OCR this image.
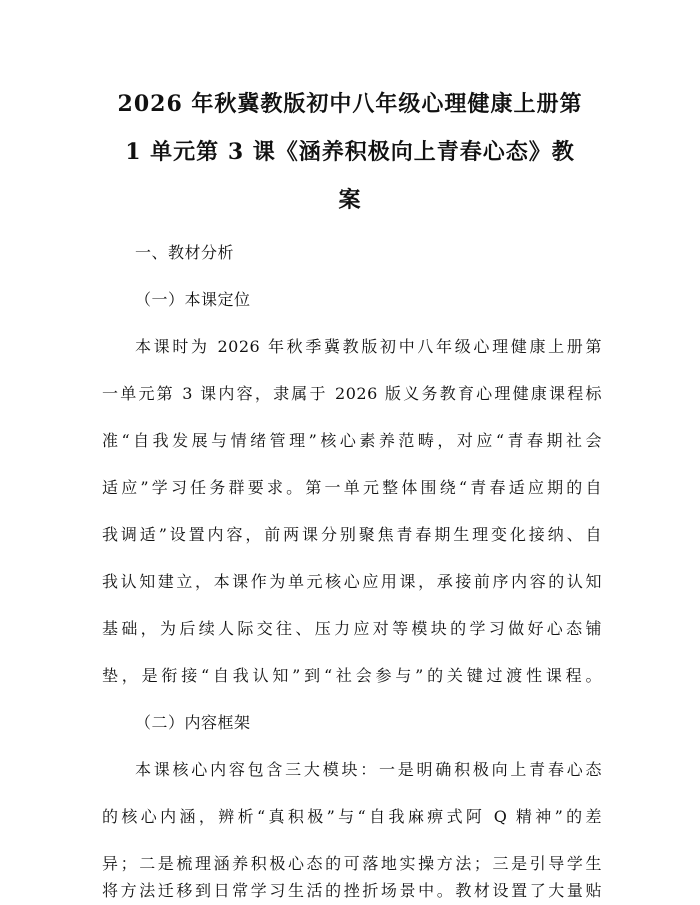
2026 年秋冀教版初中八年级心理健康上册第
1 单元第 3 课《涵养积极向上青春心态》教
案
一、教材分析
（一）本课定位
本课时为 2026 年秋季冀教版初中八年级心理健康上册第
一单元第 3 课内容，隶属于 2026 版义务教育心理健康课程标
准“自我发展与情绪管理”核心素养范畴，对应“青春期社会
适应”学习任务群要求。第一单元整体围绕“青春适应期的自
我调适”设置内容，前两课分别聚焦青春期生理变化接纳、自
我认知建立，本课作为单元核心应用课，承接前序内容的认知
基础，为后续人际交往、压力应对等模块的学习做好心态铺
垫，是衔接“自我认知”到“社会参与”的关键过渡性课程。
（二）内容框架
本课核心内容包含三大模块：一是明确积极向上青春心态
的核心内涵，辨析“真积极”与“自我麻痹式阿 Q 精神”的差
异；二是梳理涵养积极心态的可落地实操方法；三是引导学生
将方法迁移到日常学习生活的挫折场景中。教材设置了大量贴
